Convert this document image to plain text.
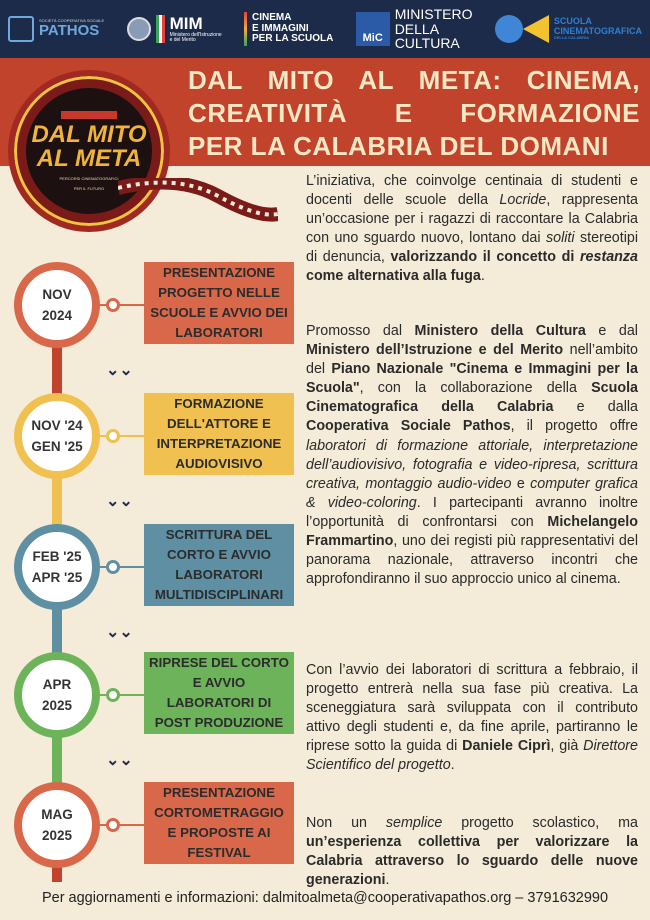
SOCIETÀ COOPERATIVA SOCIALE
PATHOS	MIM
Ministero dell'Istruzione
e del Merito
CINEMA
E IMMAGINI
PER LA SCUOLA	MiC
MINISTERO
DELLA
CULTURA
SCUOLA
CINEMATOGRAFICA
DELLA CALABRIA
DAL MITO AL META: CINEMA,
CREATIVITÀ E FORMAZIONE
PER LA CALABRIA DEL DOMANI
DAL MITO
AL META
PERCORSI CINEMATOGRAFICI
PER IL FUTURO	L’iniziativa, che coinvolge centinaia di studenti e docenti delle scuole della Locride, rappresenta un’occasione per i ragazzi di raccontare la Calabria con uno sguardo nuovo, lontano dai soliti stereotipi di denuncia, valorizzando il concetto di restanza come alternativa alla fuga.
Promosso dal Ministero della Cultura e dal Ministero dell’Istruzione e del Merito nell’ambito del Piano Nazionale "Cinema e Immagini per la Scuola", con la collaborazione della Scuola Cinematografica della Calabria e dalla Cooperativa Sociale Pathos, il progetto offre laboratori di formazione attoriale, interpretazione dell’audiovisivo, fotografia e video-ripresa, scrittura creativa, montaggio audio-video e computer grafica & video-coloring. I partecipanti avranno inoltre l’opportunità di confrontarsi con Michelangelo Frammartino, uno dei registi più rappresentativi del panorama nazionale, attraverso incontri che approfondiranno il suo approccio unico al cinema.
Con l’avvio dei laboratori di scrittura a febbraio, il progetto entrerà nella sua fase più creativa. La sceneggiatura sarà sviluppata con il contributo attivo degli studenti e, da fine aprile, partiranno le riprese sotto la guida di Daniele Ciprì, già Direttore Scientifico del progetto.
Non un semplice progetto scolastico, ma un’esperienza collettiva per valorizzare la Calabria attraverso lo sguardo delle nuove generazioni.
NOV
2024
PRESENTAZIONE PROGETTO NELLE SCUOLE E AVVIO DEI LABORATORI
⌄⌄
NOV '24
GEN '25
FORMAZIONE DELL'ATTORE E INTERPRETAZIONE AUDIOVISIVO
⌄⌄
FEB '25
APR '25
SCRITTURA DEL CORTO E AVVIO LABORATORI MULTIDISCIPLINARI
⌄⌄
APR
2025
RIPRESE DEL CORTO E AVVIO LABORATORI DI POST PRODUZIONE
⌄⌄
MAG
2025
PRESENTAZIONE CORTOMETRAGGIO E PROPOSTE AI FESTIVAL
Per aggiornamenti e informazioni: dalmitoalmeta@cooperativapathos.org – 3791632990
